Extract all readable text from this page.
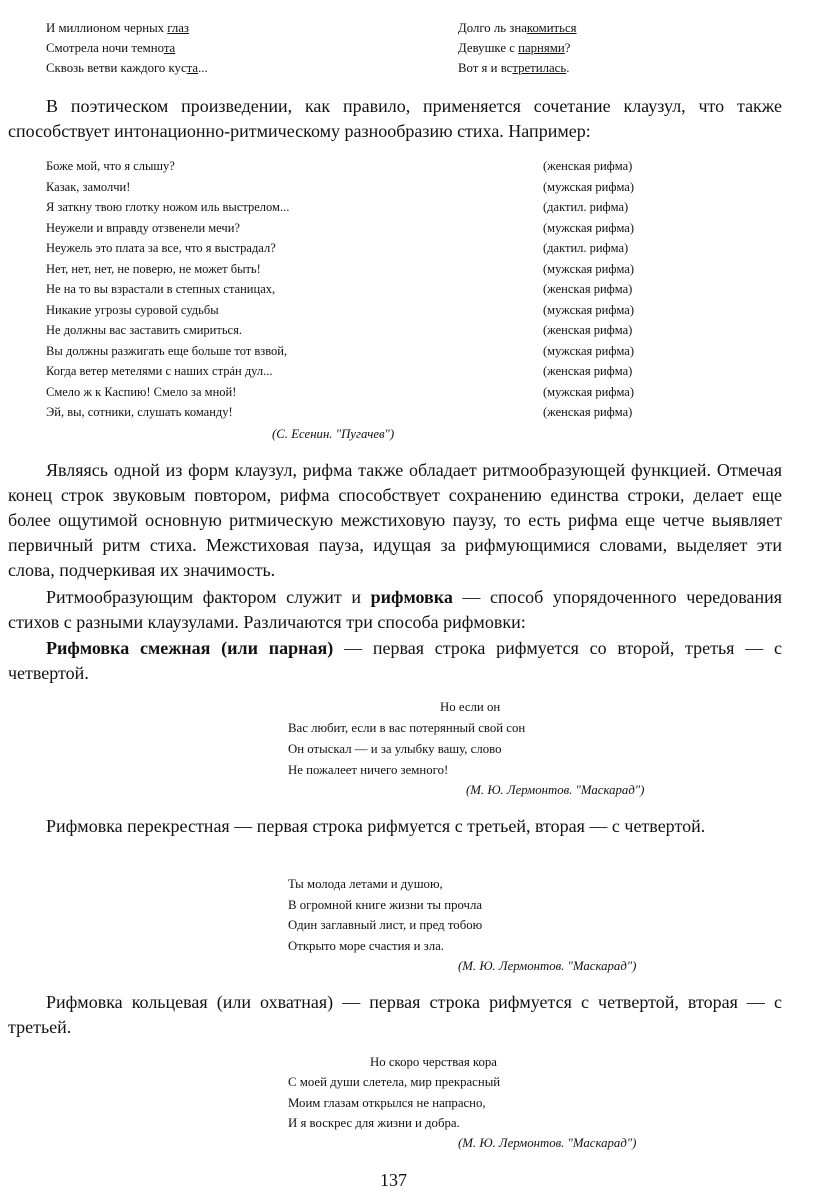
И миллионом черных глаз
Смотрела ночи темнота
Сквозь ветви каждого куста...
Долго ль знакомиться
Девушке с парнями?
Вот я и встретилась.
В поэтическом произведении, как правило, применяется сочетание клаузул, что также способствует интонационно-ритмическому разнообразию стиха. Например:
Боже мой, что я слышу?	(женская рифма)
Казак, замолчи!	(мужская рифма)
Я заткну твою глотку ножом иль выстрелом...	(дактил. рифма)
Неужели и вправду отзвенели мечи?	(мужская рифма)
Неужель это плата за все, что я выстрадал?	(дактил. рифма)
Нет, нет, нет, не поверю, не может быть!	(мужская рифма)
Не на то вы взрастали в степных станицах,	(женская рифма)
Никакие угрозы суровой судьбы	(мужская рифма)
Не должны вас заставить смириться.	(женская рифма)
Вы должны разжигать еще больше тот взвой,	(мужская рифма)
Когда ветер метелями с наших стрáн дул...	(женская рифма)
Смело ж к Каспию! Смело за мной!	(мужская рифма)
Эй, вы, сотники, слушать команду!	(женская рифма)
(С. Есенин. "Пугачев")
Являясь одной из форм клаузул, рифма также обладает ритмообразующей функцией. Отмечая конец строк звуковым повтором, рифма способствует сохранению единства строки, делает еще более ощутимой основную ритмическую межстиховую паузу, то есть рифма еще четче выявляет первичный ритм стиха. Межстиховая пауза, идущая за рифмующимися словами, выделяет эти слова, подчеркивая их значимость.
Ритмообразующим фактором служит и рифмовка — способ упорядоченного чередования стихов с разными клаузулами. Различаются три способа рифмовки:
Рифмовка смежная (или парная) — первая строка рифмуется со второй, третья — с четвертой.
Но если он
Вас любит, если в вас потерянный свой сон
Он отыскал — и за улыбку вашу, слово
Не пожалеет ничего земного!
(М. Ю. Лермонтов. "Маскарад")
Рифмовка перекрестная — первая строка рифмуется с третьей, вторая — с четвертой.
Ты молода летами и душою,
В огромной книге жизни ты прочла
Один заглавный лист, и пред тобою
Открыто море счастия и зла.
(М. Ю. Лермонтов. "Маскарад")
Рифмовка кольцевая (или охватная) — первая строка рифмуется с четвертой, вторая — с третьей.
Но скоро черствая кора
С моей души слетела, мир прекрасный
Моим глазам открылся не напрасно,
И я воскрес для жизни и добра.
(М. Ю. Лермонтов. "Маскарад")
137
